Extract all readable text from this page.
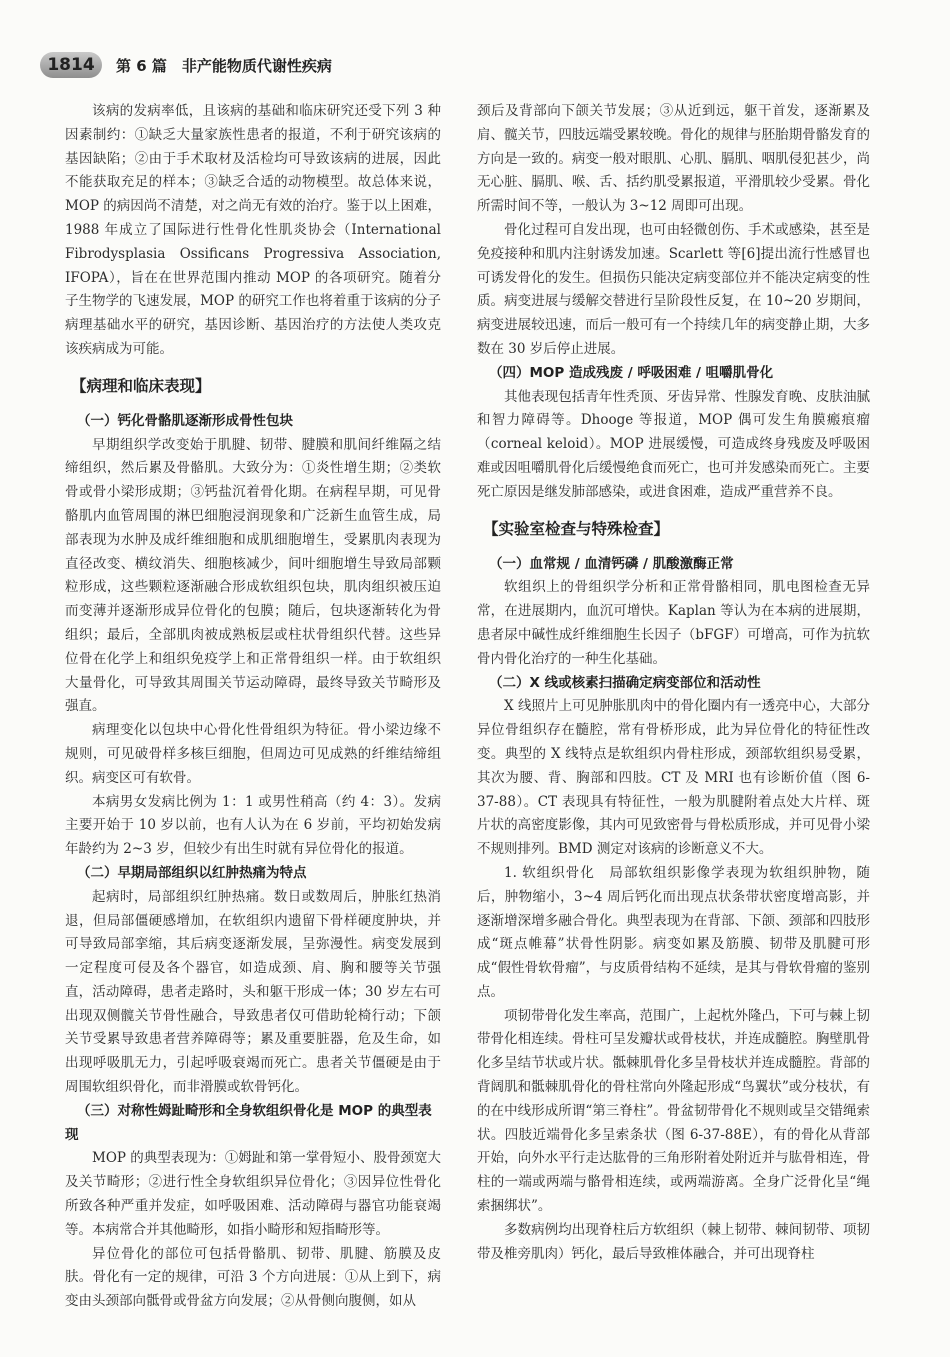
1814	第 6 篇　非产能物质代谢性疾病

该病的发病率低，且该病的基础和临床研究还受下列 3 种因素制约：①缺乏大量家族性患者的报道，不利于研究该病的基因缺陷；②由于手术取材及活检均可导致该病的进展，因此不能获取充足的样本；③缺乏合适的动物模型。故总体来说，MOP 的病因尚不清楚，对之尚无有效的治疗。鉴于以上困难，1988 年成立了国际进行性骨化性肌炎协会（International Fibrodysplasia Ossificans Progressiva Association, IFOPA），旨在在世界范围内推动 MOP 的各项研究。随着分子生物学的飞速发展，MOP 的研究工作也将着重于该病的分子病理基础水平的研究，基因诊断、基因治疗的方法使人类攻克该疾病成为可能。

【病理和临床表现】
（一）钙化骨骼肌逐渐形成骨性包块

早期组织学改变始于肌腱、韧带、腱膜和肌间纤维隔之结缔组织，然后累及骨骼肌。大致分为：①炎性增生期；②类软骨或骨小梁形成期；③钙盐沉着骨化期。在病程早期，可见骨骼肌内血管周围的淋巴细胞浸润现象和广泛新生血管生成，局部表现为水肿及成纤维细胞和成肌细胞增生，受累肌肉表现为直径改变、横纹消失、细胞核减少，间叶细胞增生导致局部颗粒形成，这些颗粒逐渐融合形成软组织包块，肌肉组织被压迫而变薄并逐渐形成异位骨化的包膜；随后，包块逐渐转化为骨组织；最后，全部肌肉被成熟板层或柱状骨组织代替。这些异位骨在化学上和组织免疫学上和正常骨组织一样。由于软组织大量骨化，可导致其周围关节运动障碍，最终导致关节畸形及强直。

病理变化以包块中心骨化性骨组织为特征。骨小梁边缘不规则，可见破骨样多核巨细胞，但周边可见成熟的纤维结缔组织。病变区可有软骨。

本病男女发病比例为 1：1 或男性稍高（约 4：3）。发病主要开始于 10 岁以前，也有人认为在 6 岁前，平均初始发病年龄约为 2~3 岁，但较少有出生时就有异位骨化的报道。

（二）早期局部组织以红肿热痛为特点

起病时，局部组织红肿热痛。数日或数周后，肿胀红热消退，但局部僵硬感增加，在软组织内遗留下骨样硬度肿块，并可导致局部挛缩，其后病变逐渐发展，呈弥漫性。病变发展到一定程度可侵及各个器官，如造成颈、肩、胸和腰等关节强直，活动障碍，患者走路时，头和躯干形成一体；30 岁左右可出现双侧髋关节骨性融合，导致患者仅可借助轮椅行动；下颌关节受累导致患者营养障碍等；累及重要脏器，危及生命，如出现呼吸肌无力，引起呼吸衰竭而死亡。患者关节僵硬是由于周围软组织骨化，而非滑膜或软骨钙化。

（三）对称性姆趾畸形和全身软组织骨化是 MOP 的典型表现

MOP 的典型表现为：①姆趾和第一掌骨短小、股骨颈宽大及关节畸形；②进行性全身软组织异位骨化；③因异位性骨化所致各种严重并发症，如呼吸困难、活动障碍与器官功能衰竭等。本病常合并其他畸形，如指小畸形和短指畸形等。

异位骨化的部位可包括骨骼肌、韧带、肌腱、筋膜及皮肤。骨化有一定的规律，可沿 3 个方向进展：①从上到下，病变由头颈部向骶骨或骨盆方向发展；②从骨侧向腹侧，如从

颈后及背部向下颌关节发展；③从近到远，躯干首发，逐渐累及肩、髋关节，四肢远端受累较晚。骨化的规律与胚胎期骨骼发育的方向是一致的。病变一般对眼肌、心肌、膈肌、咽肌侵犯甚少，尚无心脏、膈肌、喉、舌、括约肌受累报道，平滑肌较少受累。骨化所需时间不等，一般认为 3~12 周即可出现。

骨化过程可自发出现，也可由轻微创伤、手术或感染，甚至是免疫接种和肌内注射诱发加速。Scarlett 等[6]提出流行性感冒也可诱发骨化的发生。但损伤只能决定病变部位并不能决定病变的性质。病变进展与缓解交替进行呈阶段性反复，在 10~20 岁期间，病变进展较迅速，而后一般可有一个持续几年的病变静止期，大多数在 30 岁后停止进展。

（四）MOP 造成残废 / 呼吸困难 / 咀嚼肌骨化

其他表现包括青年性秃顶、牙齿异常、性腺发育晚、皮肤油腻和智力障碍等。Dhooge 等报道，MOP 偶可发生角膜瘢痕瘤（corneal keloid）。MOP 进展缓慢，可造成终身残废及呼吸困难或因咀嚼肌骨化后缓慢绝食而死亡，也可并发感染而死亡。主要死亡原因是继发肺部感染，或进食困难，造成严重营养不良。

【实验室检查与特殊检查】
（一）血常规 / 血清钙磷 / 肌酸激酶正常

软组织上的骨组织学分析和正常骨骼相同，肌电图检查无异常，在进展期内，血沉可增快。Kaplan 等认为在本病的进展期，患者尿中碱性成纤维细胞生长因子（bFGF）可增高，可作为抗软骨内骨化治疗的一种生化基础。

（二）X 线或核素扫描确定病变部位和活动性

X 线照片上可见肿胀肌肉中的骨化圈内有一透亮中心，大部分异位骨组织存在髓腔，常有骨桥形成，此为异位骨化的特征性改变。典型的 X 线特点是软组织内骨柱形成，颈部软组织易受累，其次为腰、背、胸部和四肢。CT 及 MRI 也有诊断价值（图 6-37-88）。CT 表现具有特征性，一般为肌腱附着点处大片样、斑片状的高密度影像，其内可见致密骨与骨松质形成，并可见骨小梁不规则排列。BMD 测定对该病的诊断意义不大。

1. 软组织骨化　局部软组织影像学表现为软组织肿物，随后，肿物缩小，3~4 周后钙化而出现点状条带状密度增高影，并逐渐增深增多融合骨化。典型表现为在背部、下颌、颈部和四肢形成“斑点帷幕”状骨性阴影。病变如累及筋膜、韧带及肌腱可形成“假性骨软骨瘤”，与皮质骨结构不延续，是其与骨软骨瘤的鉴别点。

项韧带骨化发生率高，范围广，上起枕外隆凸，下可与棘上韧带骨化相连续。骨柱可呈发瓣状或骨枝状，并连成髓腔。胸壁肌骨化多呈结节状或片状。骶棘肌骨化多呈骨枝状并连成髓腔。背部的背阔肌和骶棘肌骨化的骨柱常向外隆起形成“鸟翼状”或分枝状，有的在中线形成所谓“第三脊柱”。骨盆韧带骨化不规则或呈交错绳索状。四肢近端骨化多呈索条状（图 6-37-88E），有的骨化从背部开始，向外水平行走达肱骨的三角形附着处附近并与肱骨相连，骨柱的一端或两端与骼骨相连续，或两端游离。全身广泛骨化呈“绳索捆绑状”。

多数病例均出现脊柱后方软组织（棘上韧带、棘间韧带、项韧带及椎旁肌肉）钙化，最后导致椎体融合，并可出现脊柱
